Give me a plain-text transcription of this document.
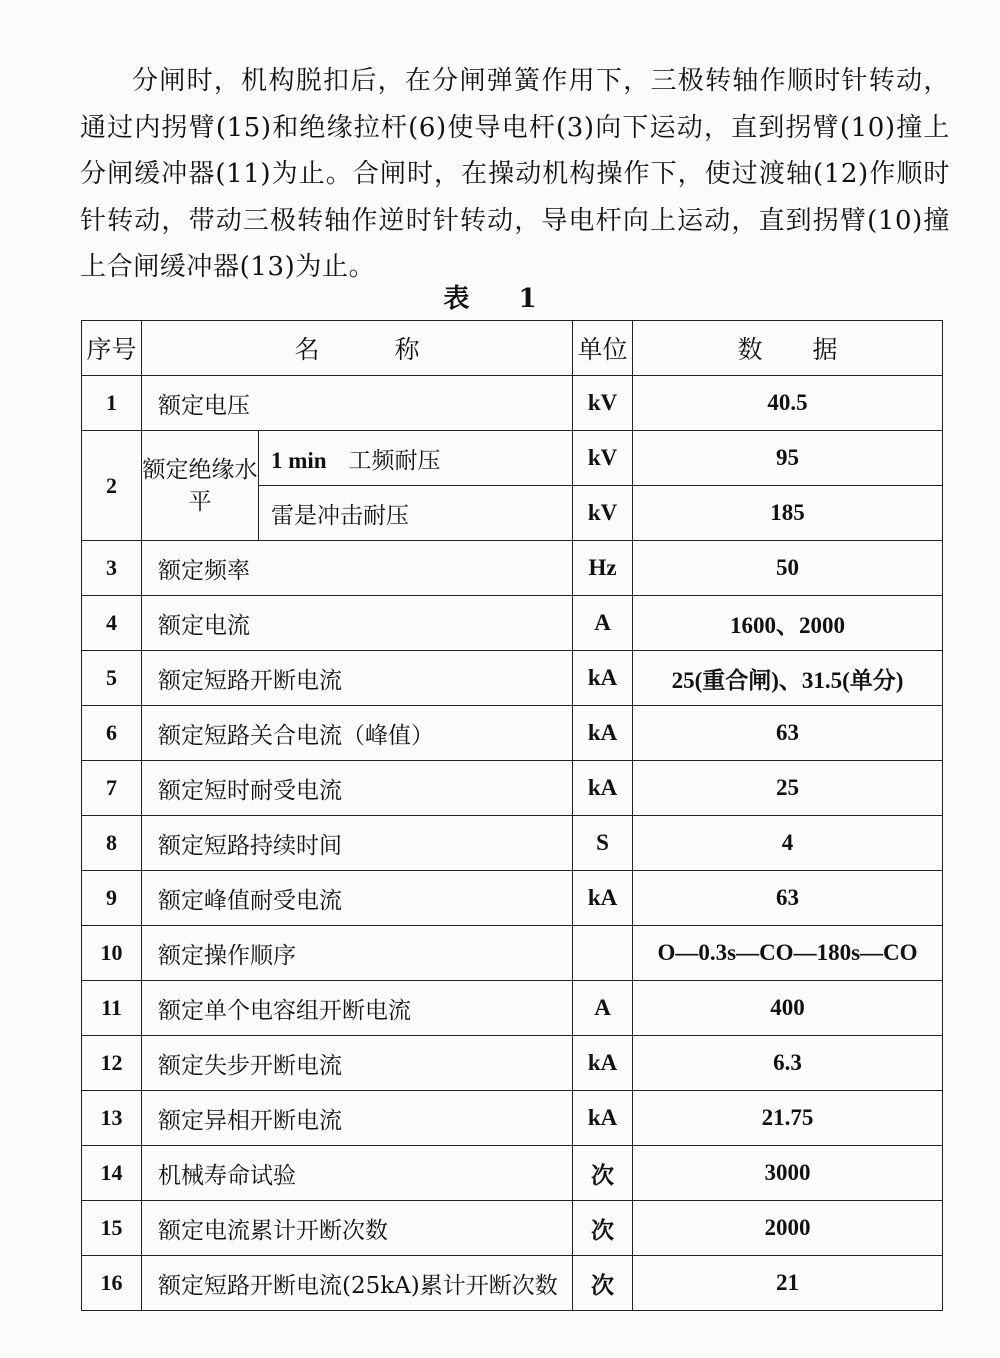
分闸时，机构脱扣后，在分闸弹簧作用下，三极转轴作顺时针转动，通过内拐臂(15)和绝缘拉杆(6)使导电杆(3)向下运动，直到拐臂(10)撞上分闸缓冲器(11)为止。合闸时，在操动机构操作下，使过渡轴(12)作顺时针转动，带动三极转轴作逆时针转动，导电杆向上运动，直到拐臂(10)撞上合闸缓冲器(13)为止。

表 1
序号	名　　　称		单位	数　　据
1	额定电压		kV	40.5
2	额定绝缘水平	1 min 工频耐压	kV	95
		雷是冲击耐压	kV	185
3	额定频率		Hz	50
4	额定电流		A	1600、2000
5	额定短路开断电流		kA	25(重合闸)、31.5(单分)
6	额定短路关合电流（峰值）		kA	63
7	额定短时耐受电流		kA	25
8	额定短路持续时间		S	4
9	额定峰值耐受电流		kA	63
10	额定操作顺序			O—0.3s—CO—180s—CO
11	额定单个电容组开断电流		A	400
12	额定失步开断电流		kA	6.3
13	额定异相开断电流		kA	21.75
14	机械寿命试验		次	3000
15	额定电流累计开断次数		次	2000
16	额定短路开断电流(25kA)累计开断次数		次	21
